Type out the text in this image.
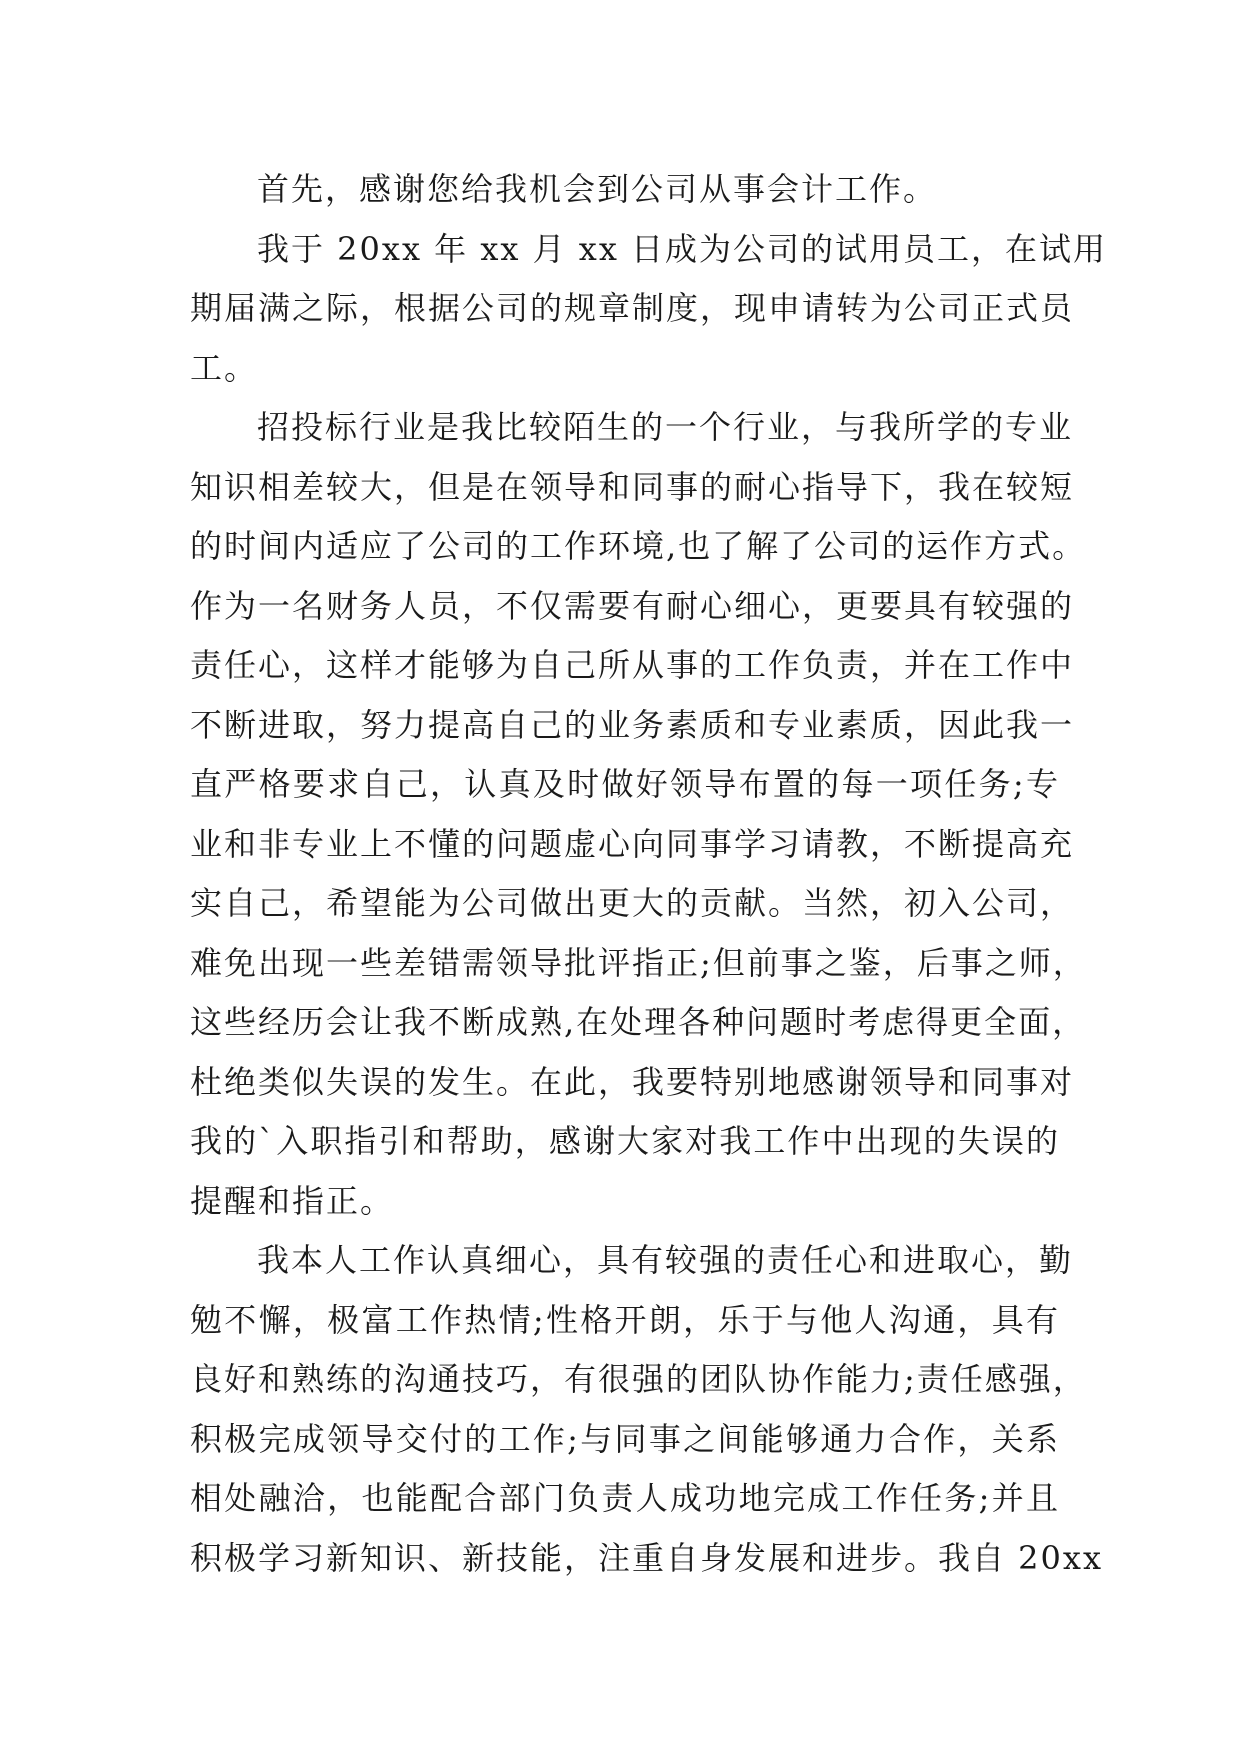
首先，感谢您给我机会到公司从事会计工作。
我于 20xx 年 xx 月 xx 日成为公司的试用员工，在试用
期届满之际，根据公司的规章制度，现申请转为公司正式员
工。
招投标行业是我比较陌生的一个行业，与我所学的专业
知识相差较大，但是在领导和同事的耐心指导下，我在较短
的时间内适应了公司的工作环境,也了解了公司的运作方式。
作为一名财务人员，不仅需要有耐心细心，更要具有较强的
责任心，这样才能够为自己所从事的工作负责，并在工作中
不断进取，努力提高自己的业务素质和专业素质，因此我一
直严格要求自己，认真及时做好领导布置的每一项任务;专
业和非专业上不懂的问题虚心向同事学习请教，不断提高充
实自己，希望能为公司做出更大的贡献。当然，初入公司，
难免出现一些差错需领导批评指正;但前事之鉴，后事之师，
这些经历会让我不断成熟,在处理各种问题时考虑得更全面，
杜绝类似失误的发生。在此，我要特别地感谢领导和同事对
我的`入职指引和帮助，感谢大家对我工作中出现的失误的
提醒和指正。
我本人工作认真细心，具有较强的责任心和进取心，勤
勉不懈，极富工作热情;性格开朗，乐于与他人沟通，具有
良好和熟练的沟通技巧，有很强的团队协作能力;责任感强，
积极完成领导交付的工作;与同事之间能够通力合作，关系
相处融洽，也能配合部门负责人成功地完成工作任务;并且
积极学习新知识、新技能，注重自身发展和进步。我自 20xx
